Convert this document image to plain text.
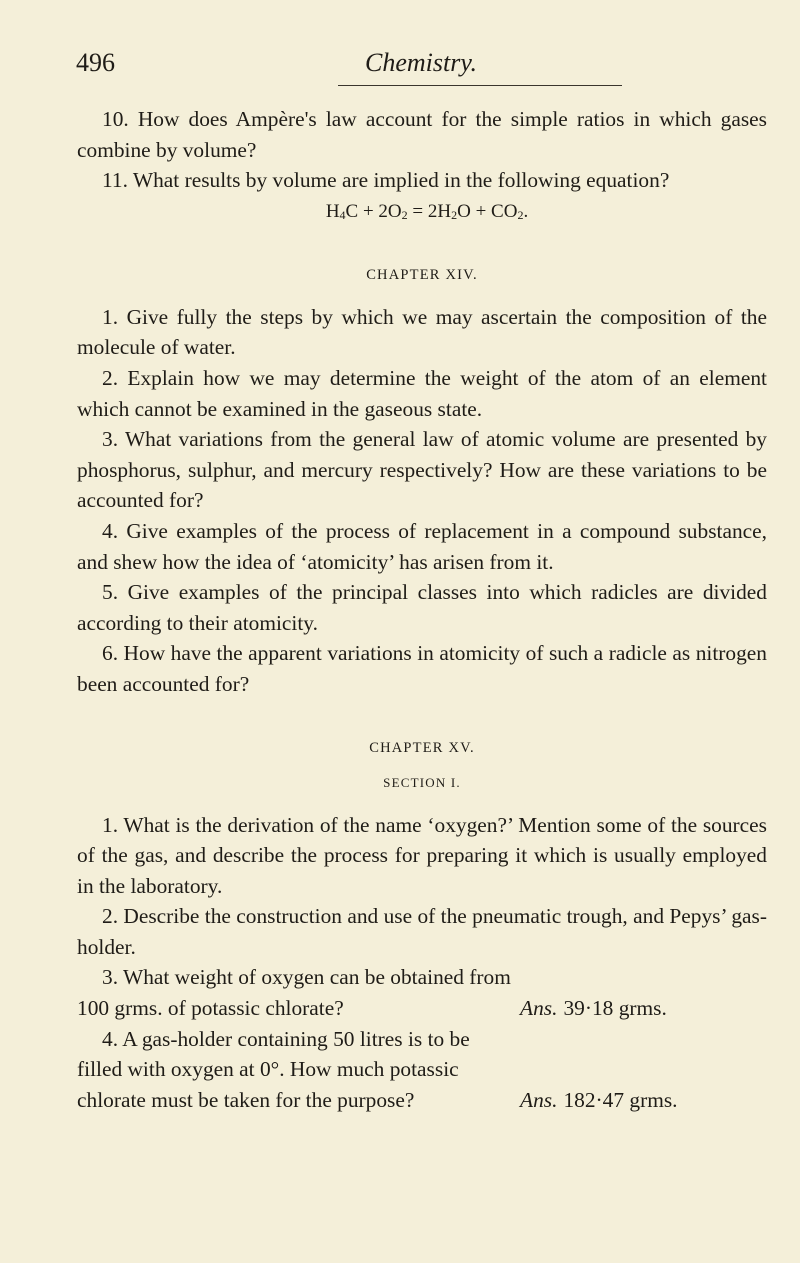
496	Chemistry.

10. How does Ampère's law account for the simple ratios in which gases combine by volume?

11. What results by volume are implied in the following equation?

$H_4C + 2O_2 = 2H_2O + CO_2$.
CHAPTER XIV.

1. Give fully the steps by which we may ascertain the composition of the molecule of water.

2. Explain how we may determine the weight of the atom of an element which cannot be examined in the gaseous state.

3. What variations from the general law of atomic volume are presented by phosphorus, sulphur, and mercury respectively? How are these variations to be accounted for?

4. Give examples of the process of replacement in a compound substance, and shew how the idea of ‘atomicity’ has arisen from it.

5. Give examples of the principal classes into which radicles are divided according to their atomicity.

6. How have the apparent variations in atomicity of such a radicle as nitrogen been accounted for?

CHAPTER XV.
SECTION I.

1. What is the derivation of the name ‘oxygen?’ Mention some of the sources of the gas, and describe the process for preparing it which is usually employed in the laboratory.

2. Describe the construction and use of the pneumatic trough, and Pepys’ gas-holder.

3. What weight of oxygen can be obtained from 100 grms. of potassic chlorate?	Ans. 39·18 grms.

4. A gas-holder containing 50 litres is to be filled with oxygen at 0°. How much potassic chlorate must be taken for the purpose?	Ans. 182·47 grms.
